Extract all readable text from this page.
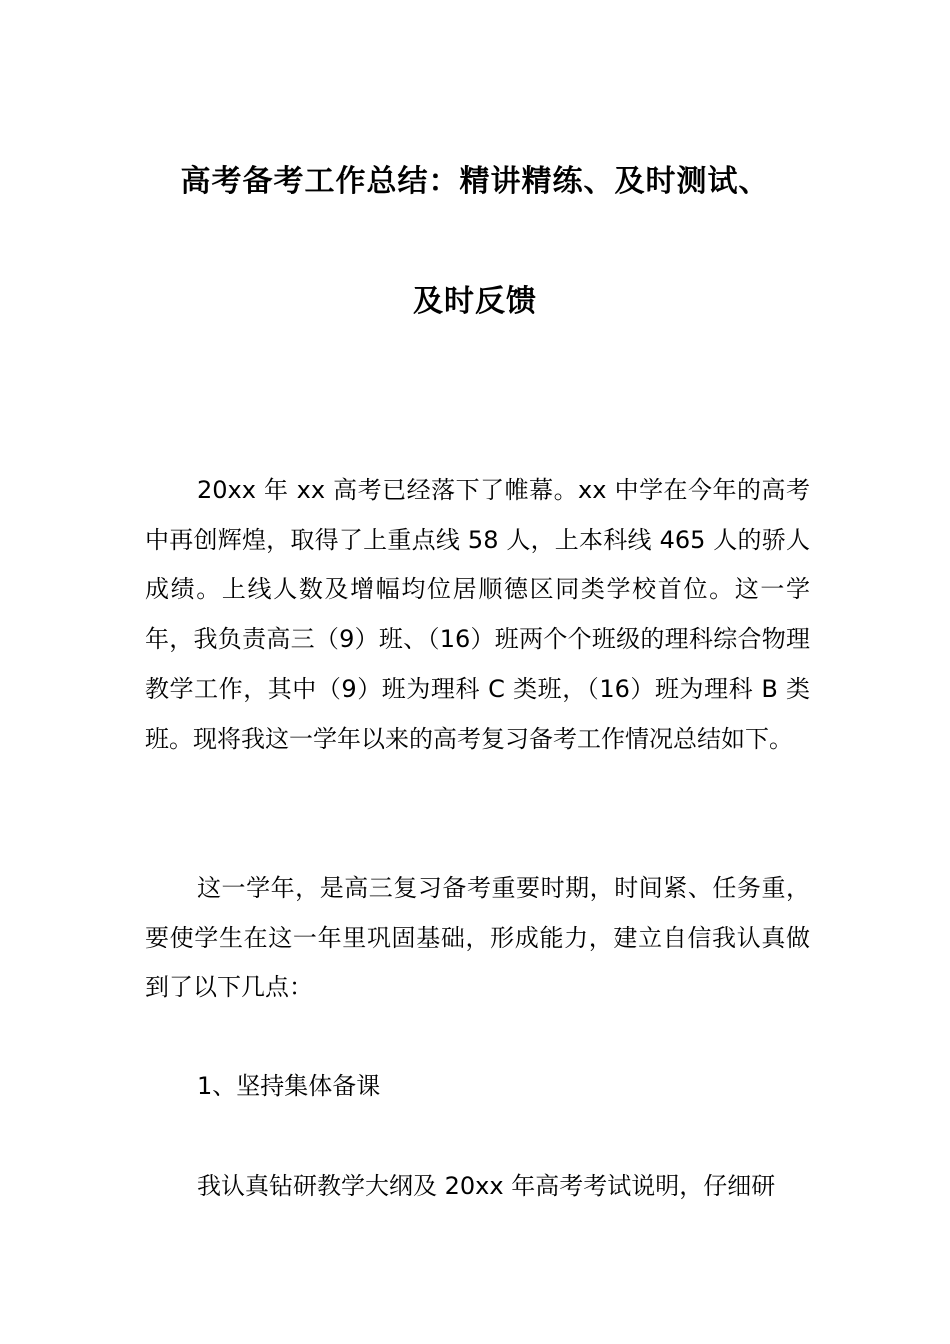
高考备考工作总结：精讲精练、及时测试、
及时反馈

20xx 年 xx 高考已经落下了帷幕。xx 中学在今年的高考中再创辉煌，取得了上重点线 58 人，上本科线 465 人的骄人成绩。上线人数及增幅均位居顺德区同类学校首位。这一学年，我负责高三（9）班、（16）班两个个班级的理科综合物理教学工作，其中（9）班为理科 C 类班，（16）班为理科 B 类班。现将我这一学年以来的高考复习备考工作情况总结如下。

这一学年，是高三复习备考重要时期，时间紧、任务重，要使学生在这一年里巩固基础，形成能力，建立自信我认真做到了以下几点：

1、坚持集体备课

我认真钻研教学大纲及 20xx 年高考考试说明，仔细研
